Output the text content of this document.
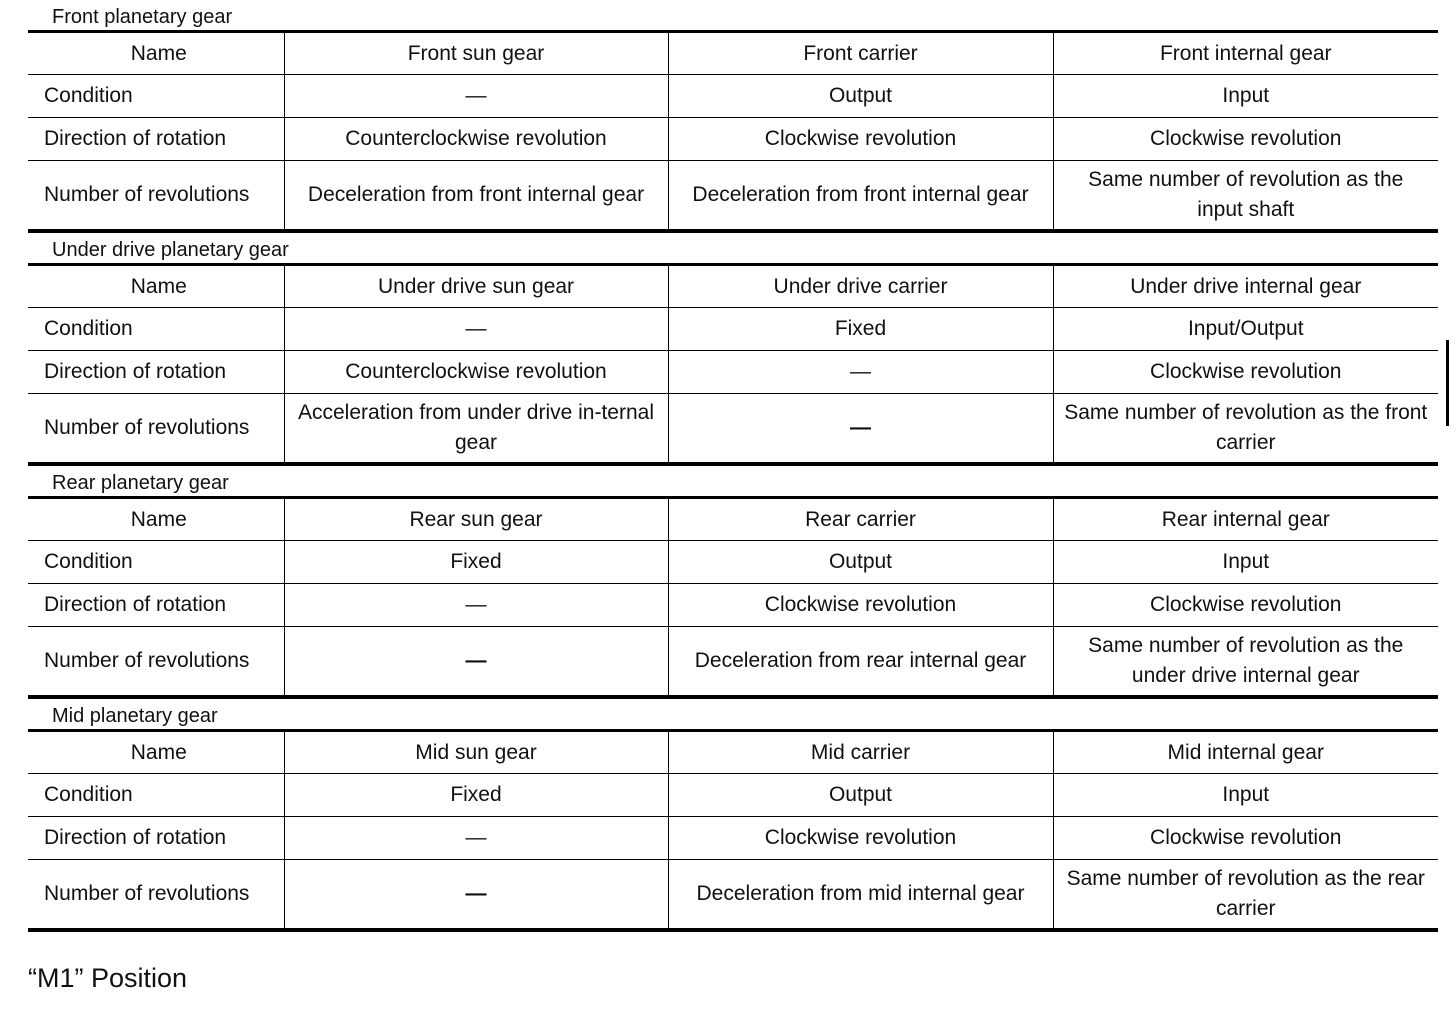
Front planetary gear
Name	Front sun gear	Front carrier	Front internal gear
Condition	—	Output	Input
Direction of rotation	Counterclockwise revolution	Clockwise revolution	Clockwise revolution
Number of revolutions	Deceleration from front internal gear	Deceleration from front internal gear	Same number of revolution as the input shaft
Under drive planetary gear
Name	Under drive sun gear	Under drive carrier	Under drive internal gear
Condition	—	Fixed	Input/Output
Direction of rotation	Counterclockwise revolution	—	Clockwise revolution
Number of revolutions	Acceleration from under drive in-ternal gear	—	Same number of revolution as the front carrier
Rear planetary gear
Name	Rear sun gear	Rear carrier	Rear internal gear
Condition	Fixed	Output	Input
Direction of rotation	—	Clockwise revolution	Clockwise revolution
Number of revolutions	—	Deceleration from rear internal gear	Same number of revolution as the under drive internal gear
Mid planetary gear
Name	Mid sun gear	Mid carrier	Mid internal gear
Condition	Fixed	Output	Input
Direction of rotation	—	Clockwise revolution	Clockwise revolution
Number of revolutions	—	Deceleration from mid internal gear	Same number of revolution as the rear carrier
“M1” Position
